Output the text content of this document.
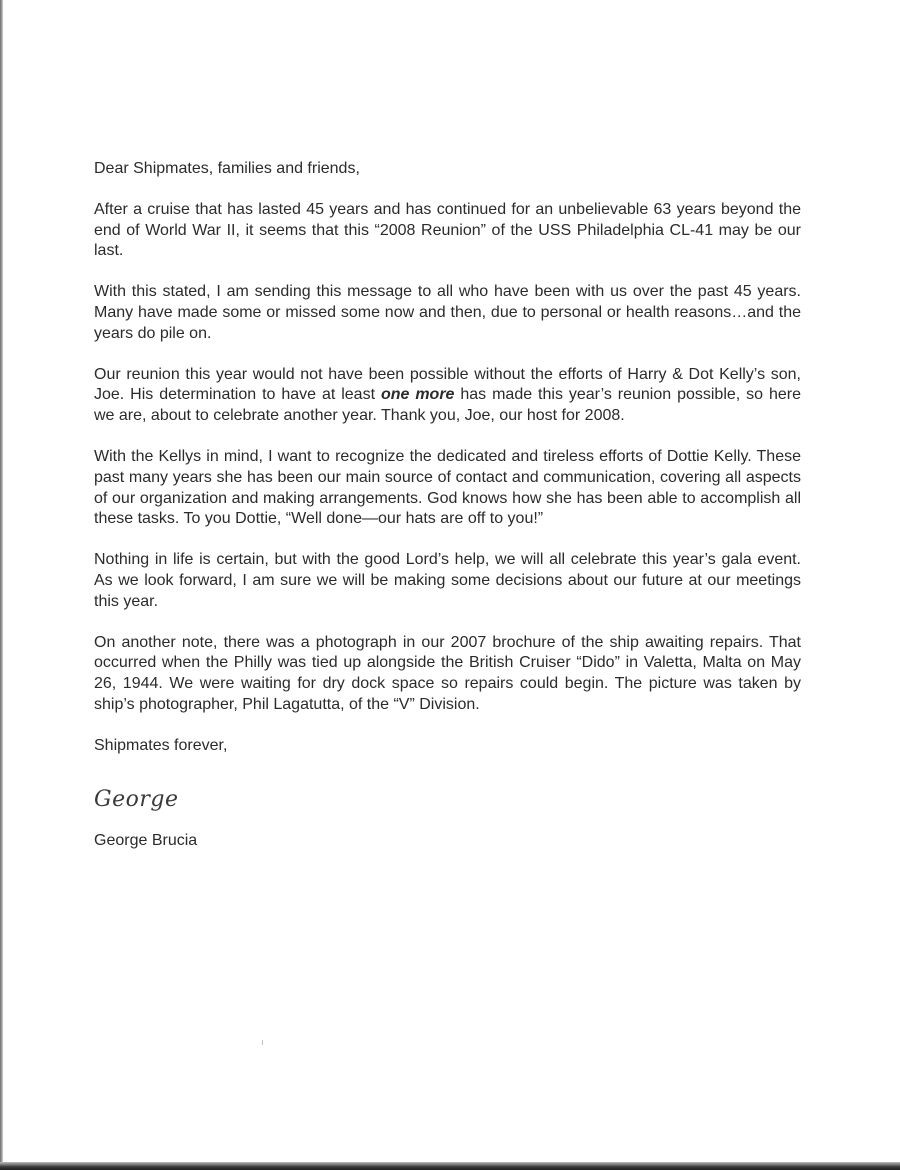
Dear Shipmates, families and friends,

After a cruise that has lasted 45 years and has continued for an unbelievable 63 years beyond the end of World War II, it seems that this “2008 Reunion” of the USS Philadelphia CL-41 may be our last.

With this stated, I am sending this message to all who have been with us over the past 45 years. Many have made some or missed some now and then, due to personal or health reasons…and the years do pile on.

Our reunion this year would not have been possible without the efforts of Harry & Dot Kelly’s son, Joe. His determination to have at least one more has made this year’s reunion possible, so here we are, about to celebrate another year. Thank you, Joe, our host for 2008.

With the Kellys in mind, I want to recognize the dedicated and tireless efforts of Dottie Kelly. These past many years she has been our main source of contact and communication, covering all aspects of our organization and making arrangements. God knows how she has been able to accomplish all these tasks. To you Dottie, “Well done—our hats are off to you!”

Nothing in life is certain, but with the good Lord’s help, we will all celebrate this year’s gala event. As we look forward, I am sure we will be making some decisions about our future at our meetings this year.

On another note, there was a photograph in our 2007 brochure of the ship awaiting repairs. That occurred when the Philly was tied up alongside the British Cruiser “Dido” in Valetta, Malta on May 26, 1944. We were waiting for dry dock space so repairs could begin. The picture was taken by ship’s photographer, Phil Lagatutta, of the “V” Division.

Shipmates forever,

George

George Brucia
